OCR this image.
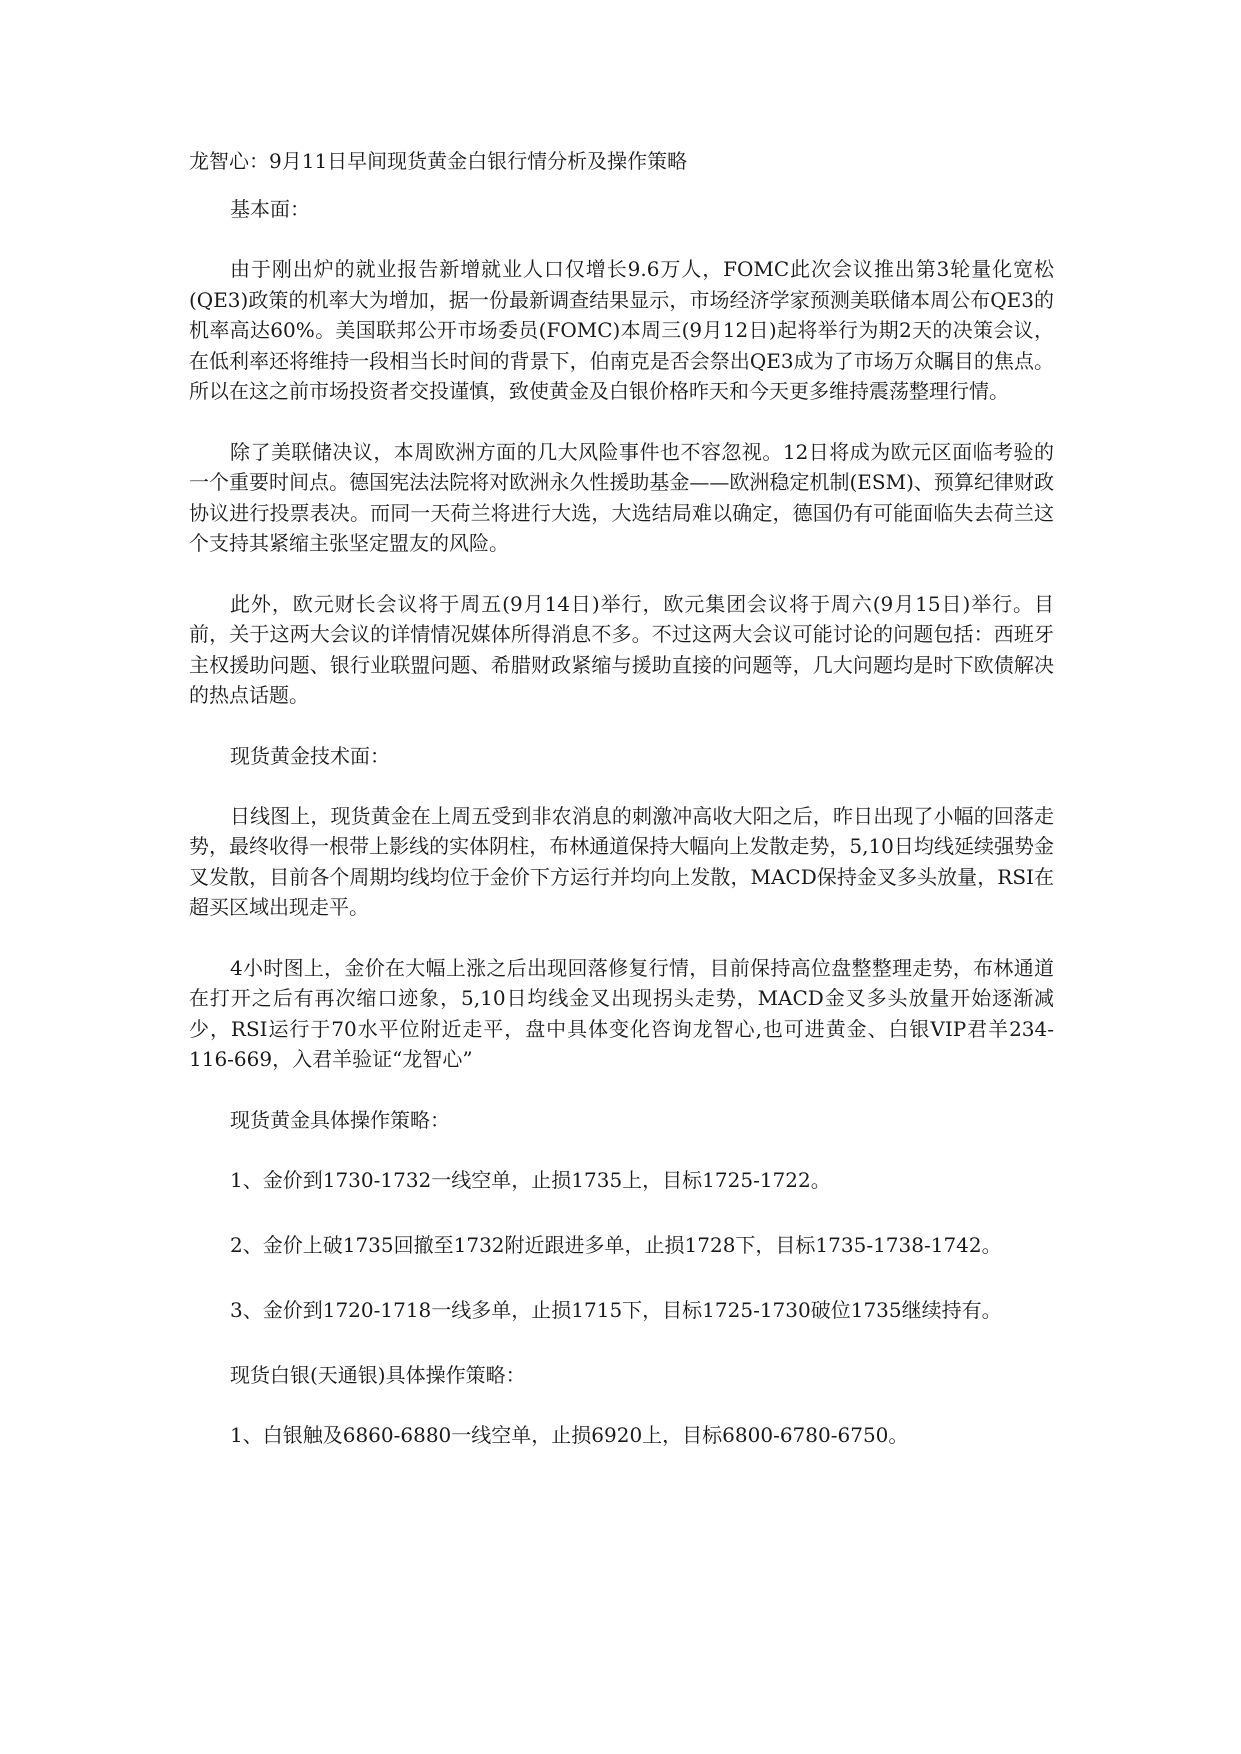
龙智心：9月11日早间现货黄金白银行情分析及操作策略
基本面：
由于刚出炉的就业报告新增就业人口仅增长9.6万人，FOMC此次会议推出第3轮量化宽松(QE3)政策的机率大为增加，据一份最新调查结果显示，市场经济学家预测美联储本周公布QE3的机率高达60%。美国联邦公开市场委员(FOMC)本周三(9月12日)起将举行为期2天的决策会议，在低利率还将维持一段相当长时间的背景下，伯南克是否会祭出QE3成为了市场万众瞩目的焦点。所以在这之前市场投资者交投谨慎，致使黄金及白银价格昨天和今天更多维持震荡整理行情。
除了美联储决议，本周欧洲方面的几大风险事件也不容忽视。12日将成为欧元区面临考验的一个重要时间点。德国宪法法院将对欧洲永久性援助基金——欧洲稳定机制(ESM)、预算纪律财政协议进行投票表决。而同一天荷兰将进行大选，大选结局难以确定，德国仍有可能面临失去荷兰这个支持其紧缩主张坚定盟友的风险。
此外，欧元财长会议将于周五(9月14日)举行，欧元集团会议将于周六(9月15日)举行。目前，关于这两大会议的详情情况媒体所得消息不多。不过这两大会议可能讨论的问题包括：西班牙主权援助问题、银行业联盟问题、希腊财政紧缩与援助直接的问题等，几大问题均是时下欧债解决的热点话题。
现货黄金技术面：
日线图上，现货黄金在上周五受到非农消息的刺激冲高收大阳之后，昨日出现了小幅的回落走势，最终收得一根带上影线的实体阴柱，布林通道保持大幅向上发散走势，5,10日均线延续强势金叉发散，目前各个周期均线均位于金价下方运行并均向上发散，MACD保持金叉多头放量，RSI在超买区域出现走平。
4小时图上，金价在大幅上涨之后出现回落修复行情，目前保持高位盘整整理走势，布林通道在打开之后有再次缩口迹象，5,10日均线金叉出现拐头走势，MACD金叉多头放量开始逐渐减少，RSI运行于70水平位附近走平，盘中具体变化咨询龙智心,也可进黄金、白银VIP君羊234-116-669，入君羊验证“龙智心”
现货黄金具体操作策略：
1、金价到1730-1732一线空单，止损1735上，目标1725-1722。
2、金价上破1735回撤至1732附近跟进多单，止损1728下，目标1735-1738-1742。
3、金价到1720-1718一线多单，止损1715下，目标1725-1730破位1735继续持有。
现货白银(天通银)具体操作策略：
1、白银触及6860-6880一线空单，止损6920上，目标6800-6780-6750。
